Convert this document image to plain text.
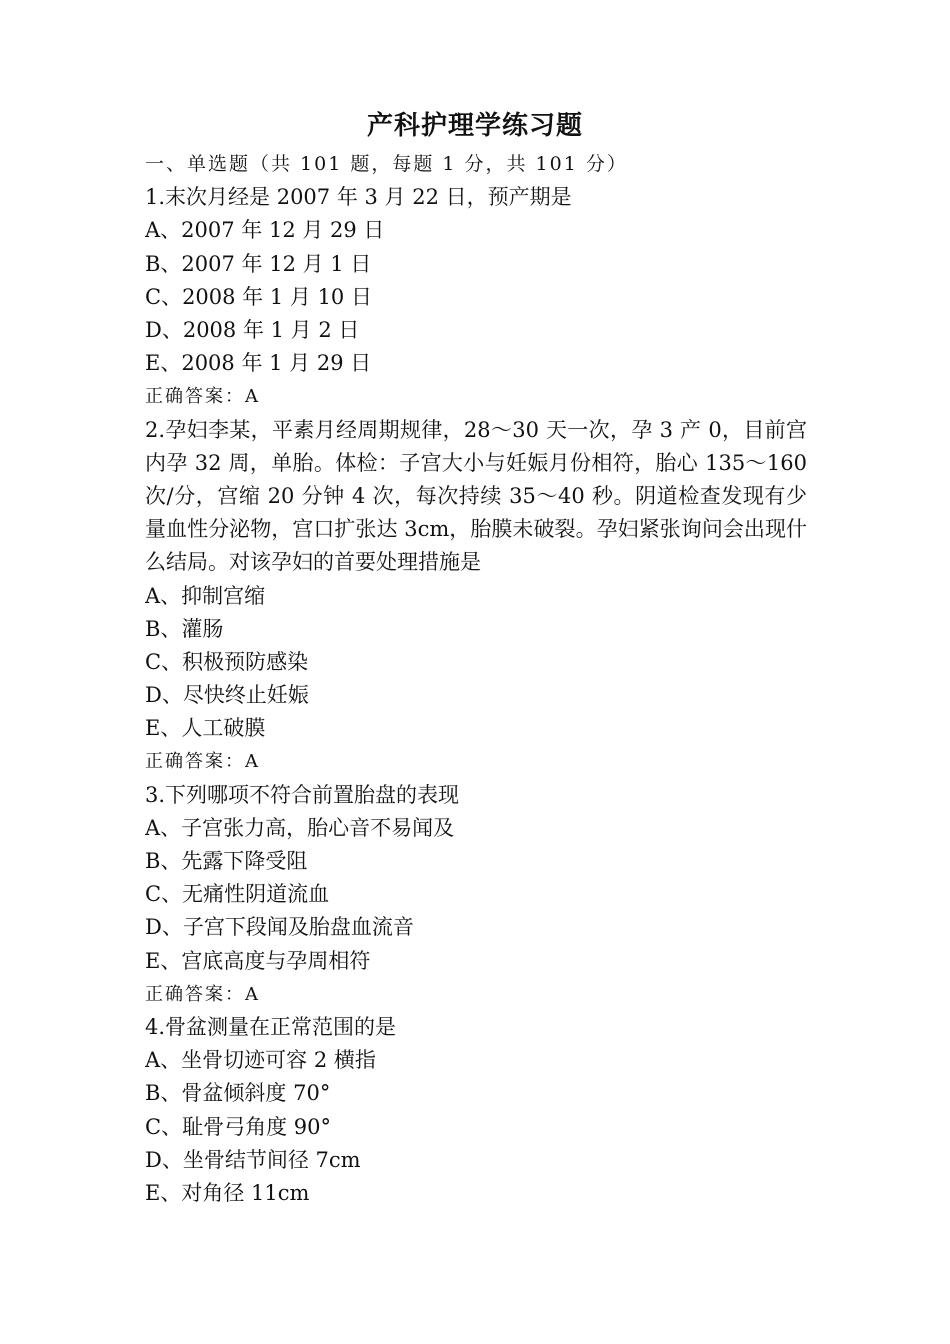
产科护理学练习题
一、单选题（共 101 题，每题 1 分，共 101 分）
1.末次月经是 2007 年 3 月 22 日，预产期是
A、2007 年 12 月 29 日
B、2007 年 12 月 1 日
C、2008 年 1 月 10 日
D、2008 年 1 月 2 日
E、2008 年 1 月 29 日
正确答案：A
2.孕妇李某，平素月经周期规律，28～30 天一次，孕 3 产 0，目前宫内孕 32 周，单胎。体检：子宫大小与妊娠月份相符，胎心 135～160 次/分，宫缩 20 分钟 4 次，每次持续 35～40 秒。阴道检查发现有少量血性分泌物，宫口扩张达 3cm，胎膜未破裂。孕妇紧张询问会出现什么结局。对该孕妇的首要处理措施是
A、抑制宫缩
B、灌肠
C、积极预防感染
D、尽快终止妊娠
E、人工破膜
正确答案：A
3.下列哪项不符合前置胎盘的表现
A、子宫张力高，胎心音不易闻及
B、先露下降受阻
C、无痛性阴道流血
D、子宫下段闻及胎盘血流音
E、宫底高度与孕周相符
正确答案：A
4.骨盆测量在正常范围的是
A、坐骨切迹可容 2 横指
B、骨盆倾斜度 70°
C、耻骨弓角度 90°
D、坐骨结节间径 7cm
E、对角径 11cm
